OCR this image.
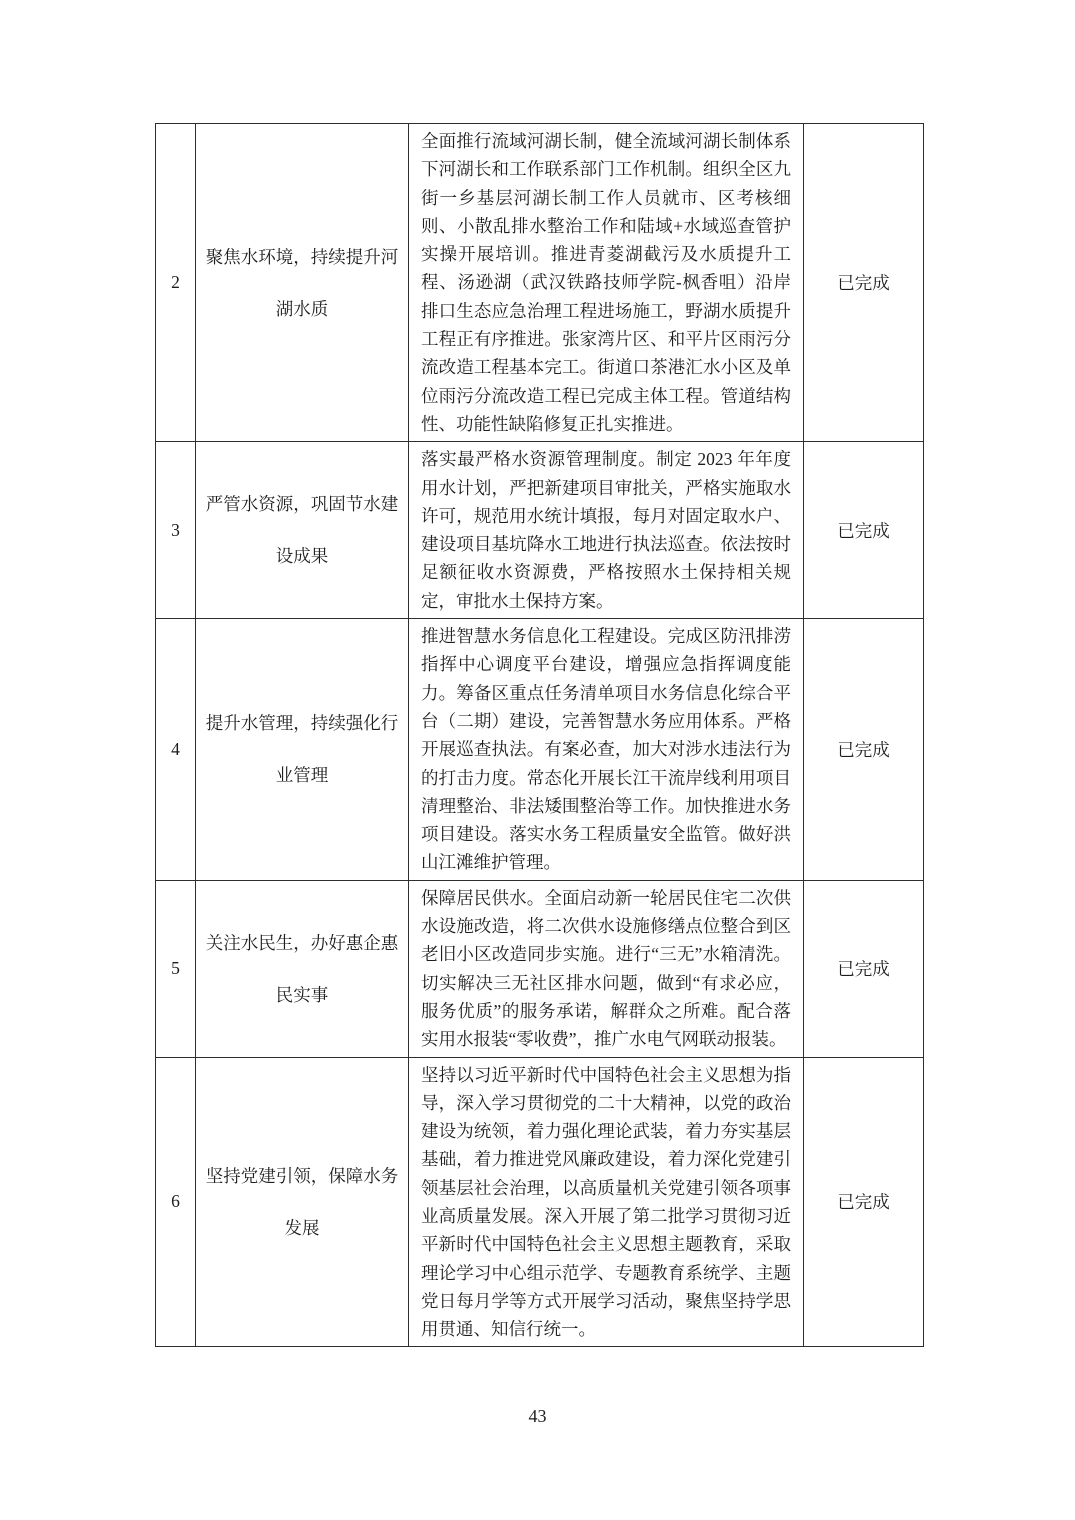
2	聚焦水环境，持续提升河湖水质	全面推行流域河湖长制，健全流域河湖长制体系下河湖长和工作联系部门工作机制。组织全区九街一乡基层河湖长制工作人员就市、区考核细则、小散乱排水整治工作和陆域+水域巡查管护实操开展培训。推进青菱湖截污及水质提升工程、汤逊湖（武汉铁路技师学院-枫香咀）沿岸排口生态应急治理工程进场施工，野湖水质提升工程正有序推进。张家湾片区、和平片区雨污分流改造工程基本完工。街道口茶港汇水小区及单位雨污分流改造工程已完成主体工程。管道结构性、功能性缺陷修复正扎实推进。	已完成
3	严管水资源，巩固节水建设成果	落实最严格水资源管理制度。制定 2023 年年度用水计划，严把新建项目审批关，严格实施取水许可，规范用水统计填报，每月对固定取水户、建设项目基坑降水工地进行执法巡查。依法按时足额征收水资源费，严格按照水土保持相关规定，审批水土保持方案。	已完成
4	提升水管理，持续强化行业管理	推进智慧水务信息化工程建设。完成区防汛排涝指挥中心调度平台建设，增强应急指挥调度能力。筹备区重点任务清单项目水务信息化综合平台（二期）建设，完善智慧水务应用体系。严格开展巡查执法。有案必查，加大对涉水违法行为的打击力度。常态化开展长江干流岸线利用项目清理整治、非法矮围整治等工作。加快推进水务项目建设。落实水务工程质量安全监管。做好洪山江滩维护管理。	已完成
5	关注水民生，办好惠企惠民实事	保障居民供水。全面启动新一轮居民住宅二次供水设施改造，将二次供水设施修缮点位整合到区老旧小区改造同步实施。进行“三无”水箱清洗。切实解决三无社区排水问题，做到“有求必应，服务优质”的服务承诺，解群众之所难。配合落实用水报装“零收费”，推广水电气网联动报装。	已完成
6	坚持党建引领，保障水务发展	坚持以习近平新时代中国特色社会主义思想为指导，深入学习贯彻党的二十大精神，以党的政治建设为统领，着力强化理论武装，着力夯实基层基础，着力推进党风廉政建设，着力深化党建引领基层社会治理，以高质量机关党建引领各项事业高质量发展。深入开展了第二批学习贯彻习近平新时代中国特色社会主义思想主题教育，采取理论学习中心组示范学、专题教育系统学、主题党日每月学等方式开展学习活动，聚焦坚持学思用贯通、知信行统一。	已完成
43
